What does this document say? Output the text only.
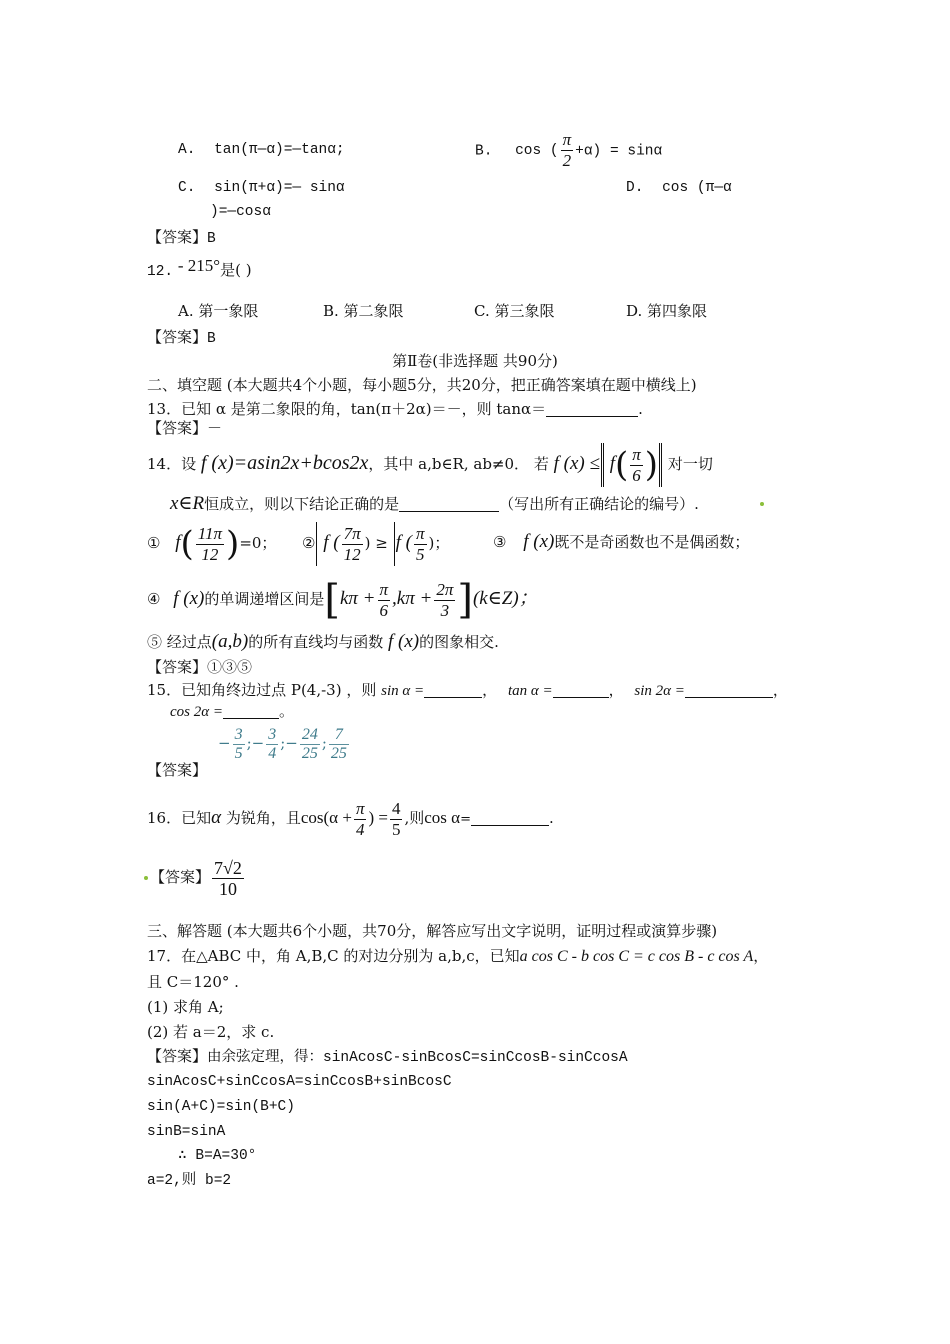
A. tan(π—α)=—tanα;	B. cos ( $\frac{\pi}{2} +\alpha) = \sin\alpha$
C. sin(π+α)=— sinα	D. cos (π—α
)=—cosα
【答案】B
12. - 215°是( )
A. 第一象限	B. 第二象限	C. 第三象限	D. 第四象限
【答案】B
第Ⅱ卷(非选择题 共90分)
二、填空题 (本大题共4个小题，每小题5分，共20分，把正确答案填在题中横线上)
13．已知 α 是第二象限的角，tan(π＋2α)＝－，则 tanα＝	.
【答案】－
14．设 f (x)=asin2x+bcos2x，其中 a,b∈R, ab≠0． 若 f $(x) \le f( \frac{\pi}{6}$ ) 对一切
x∈R恒成立，则以下结论正确的是	（写出所有正确结论的编号）.
① $f( \frac{11\pi}{12} )=0$； ② f ( $\frac{7\pi}{12}$ ) ≥ f ( $\frac{\pi}{5}$ )；	③ f (x)既不是奇函数也不是偶函数；
④ f (x)的单调递增区间是[$k\pi + \frac{\pi}{6} ,k\pi + \frac{2\pi}{3}$ ](k∈Z)；
⑤ 经过点(a,b)的所有直线均与函数 f (x)的图象相交.
【答案】①③⑤
15．已知角终边过点 P(4,-3) ，则 sin α =	， tan α =	， sin 2α =	，
cos 2α =	。
− $\frac{3}{5}$ ;− $\frac{3}{4}$ ;− $\frac{24}{25}$ ; $\frac{7}{25}$
【答案】
16．已知α 为锐角，且$\cos(\alpha + \frac{\pi}{4}$ ) = $\frac{4}{5}$ ,则cos α=	.
【答案】 $\frac{7√2}{10}$
三、解答题 (本大题共6个小题，共70分，解答应写出文字说明，证明过程或演算步骤)
17．在△ABC 中，角 A,B,C 的对边分别为 a,b,c，已知a cos C - b cos C = c cos B - c cos A，
且 C＝120° .
(1) 求角 A;
(2) 若 a＝2，求 c.
【答案】由余弦定理，得：sinAcosC-sinBcosC=sinCcosB-sinCcosA
sinAcosC+sinCcosA=sinCcosB+sinBcosC
sin(A+C)=sin(B+C)
sinB=sinA
∴ B=A=30°
a=2,则 b=2
